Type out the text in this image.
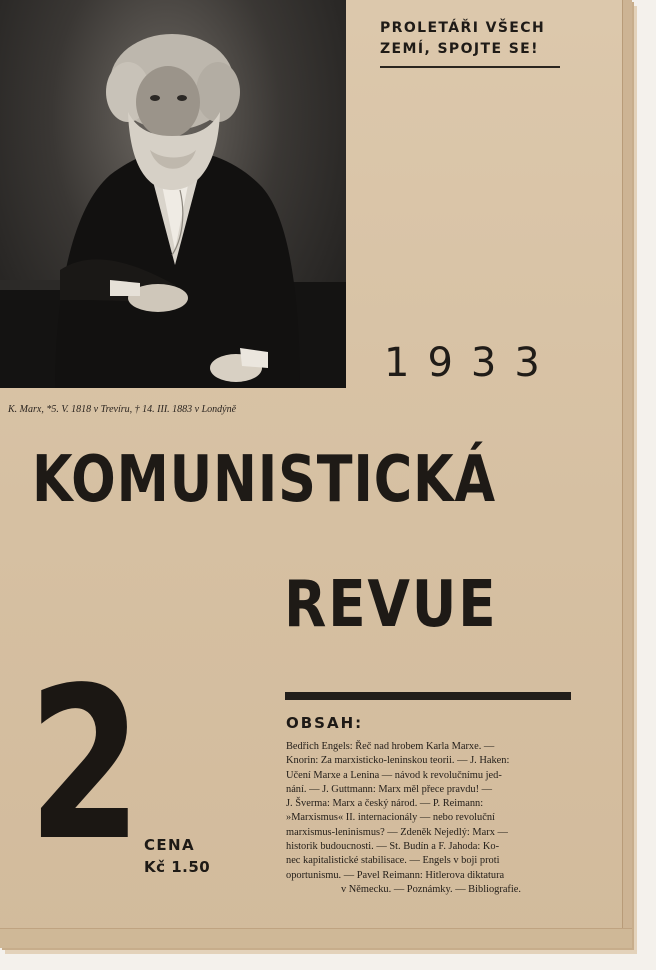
PROLETÁŘI VŠECH
ZEMÍ, SPOJTE SE!
1933
K. Marx, *5. V. 1818 v Trevíru, † 14. III. 1883 v Londýně
KOMUNISTICKÁ
REVUE
2 CENA
Kč 1.50
OBSAH:
Bedřich Engels: Řeč nad hrobem Karla Marxe. —
Knorin: Za marxisticko-leninskou teorii. — J. Haken:
Učení Marxe a Lenina — návod k revolučnímu jed-
nání. — J. Guttmann: Marx měl přece pravdu! —
J. Šverma: Marx a český národ. — P. Reimann:
»Marxismus« II. internacionály — nebo revoluční
marxismus-leninismus? — Zdeněk Nejedlý: Marx —
historik budoucnosti. — St. Budín a F. Jahoda: Ko-
nec kapitalistické stabilisace. — Engels v boji proti
oportunismu. — Pavel Reimann: Hitlerova diktatura
v Německu. — Poznámky. — Bibliografie.
